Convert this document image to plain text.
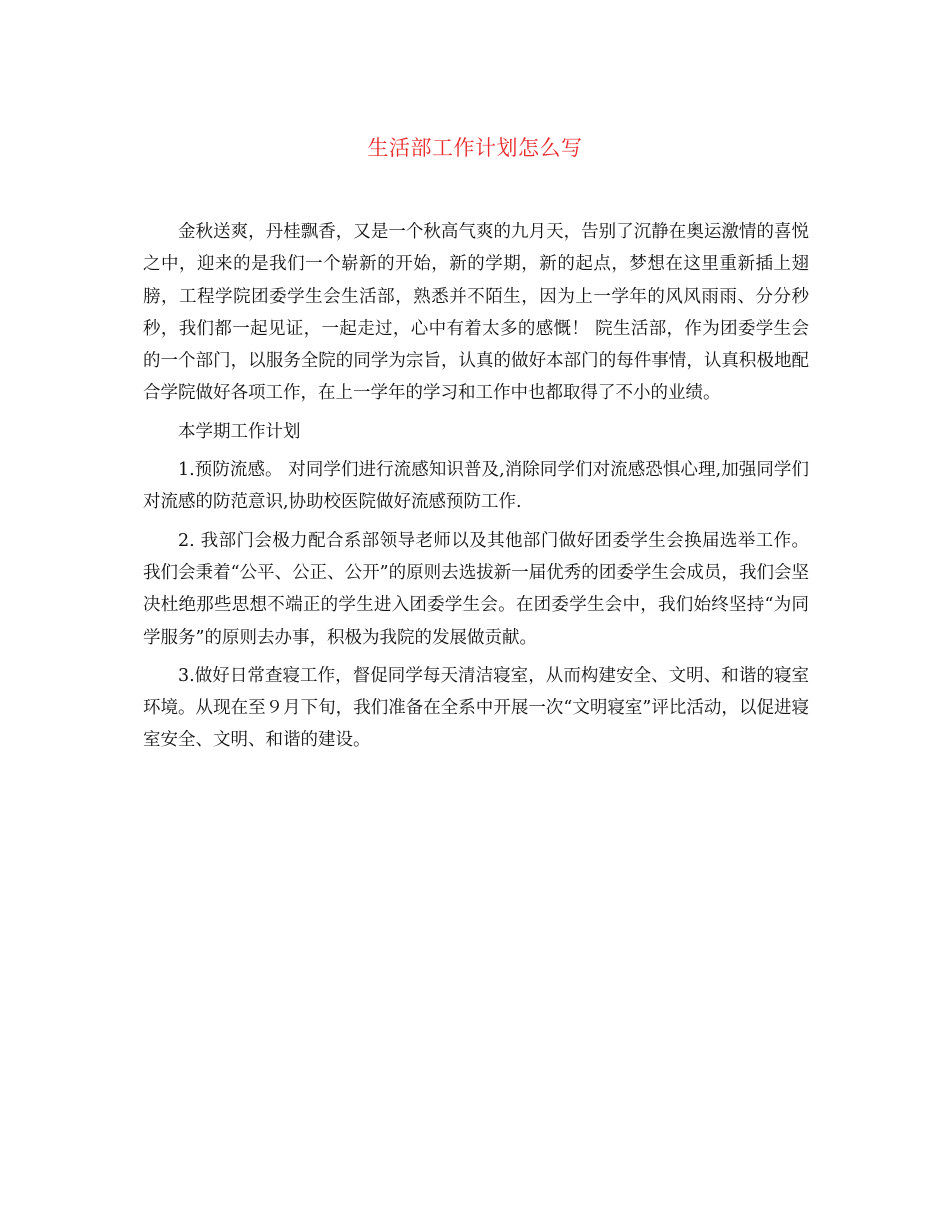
生活部工作计划怎么写

金秋送爽，丹桂飘香，又是一个秋高气爽的九月天，告别了沉静在奥运激情的喜悦之中，迎来的是我们一个崭新的开始，新的学期，新的起点，梦想在这里重新插上翅膀，工程学院团委学生会生活部，熟悉并不陌生，因为上一学年的风风雨雨、分分秒秒，我们都一起见证，一起走过，心中有着太多的感慨！ 院生活部，作为团委学生会的一个部门，以服务全院的同学为宗旨，认真的做好本部门的每件事情，认真积极地配合学院做好各项工作，在上一学年的学习和工作中也都取得了不小的业绩。

本学期工作计划

1.预防流感。 对同学们进行流感知识普及,消除同学们对流感恐惧心理,加强同学们对流感的防范意识,协助校医院做好流感预防工作.

2. 我部门会极力配合系部领导老师以及其他部门做好团委学生会换届选举工作。我们会秉着“公平、公正、公开”的原则去选拔新一届优秀的团委学生会成员，我们会坚决杜绝那些思想不端正的学生进入团委学生会。在团委学生会中，我们始终坚持“为同学服务”的原则去办事，积极为我院的发展做贡献。

3.做好日常查寝工作，督促同学每天清洁寝室，从而构建安全、文明、和谐的寝室环境。从现在至９月下旬，我们准备在全系中开展一次“文明寝室”评比活动，以促进寝室安全、文明、和谐的建设。
